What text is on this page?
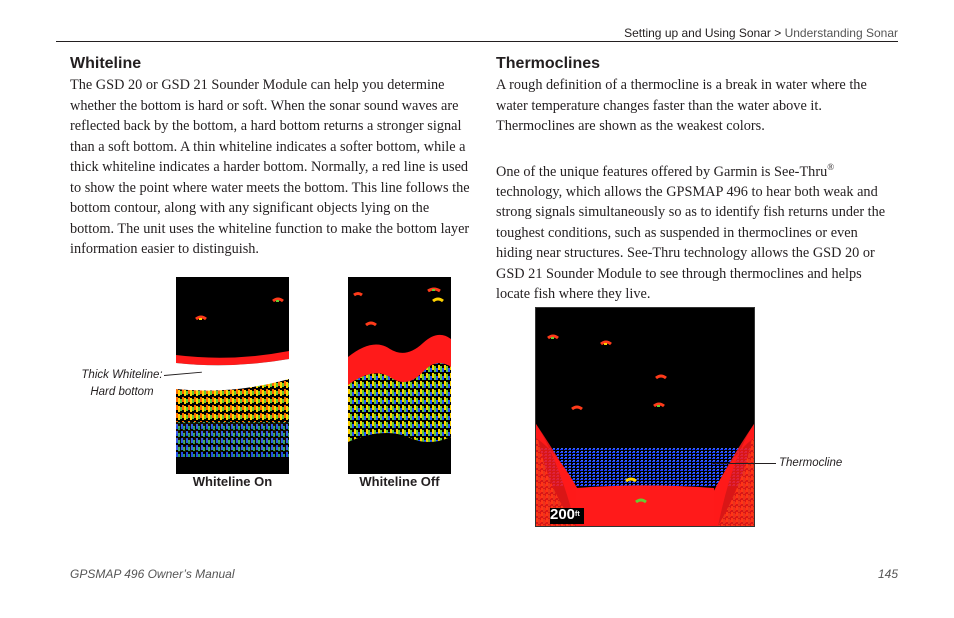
Setting up and Using Sonar > Understanding Sonar
Whiteline

The GSD 20 or GSD 21 Sounder Module can help you determine whether the bottom is hard or soft. When the sonar sound waves are reflected back by the bottom, a hard bottom returns a stronger signal than a soft bottom. A thin whiteline indicates a softer bottom, while a thick whiteline indicates a harder bottom. Normally, a red line is used to show the point where water meets the bottom. This line follows the bottom contour, along with any significant objects lying on the bottom. The unit uses the whiteline function to make the bottom layer information easier to distinguish.

Whiteline On	Whiteline Off
Thick Whiteline:
Hard bottom
Thermoclines

A rough definition of a thermocline is a break in water where the water temperature changes faster than the water above it. Thermoclines are shown as the weakest colors.

One of the unique features offered by Garmin is See-Thru® technology, which allows the GPSMAP 496 to hear both weak and strong signals simultaneously so as to identify fish returns under the toughest conditions, such as suspended in thermoclines or even hiding near structures. See-Thru technology allows the GSD 20 or GSD 21 Sounder Module to see through thermoclines and helps locate fish where they live.

$200^{ft}$
Thermocline
GPSMAP 496 Owner’s Manual	145
